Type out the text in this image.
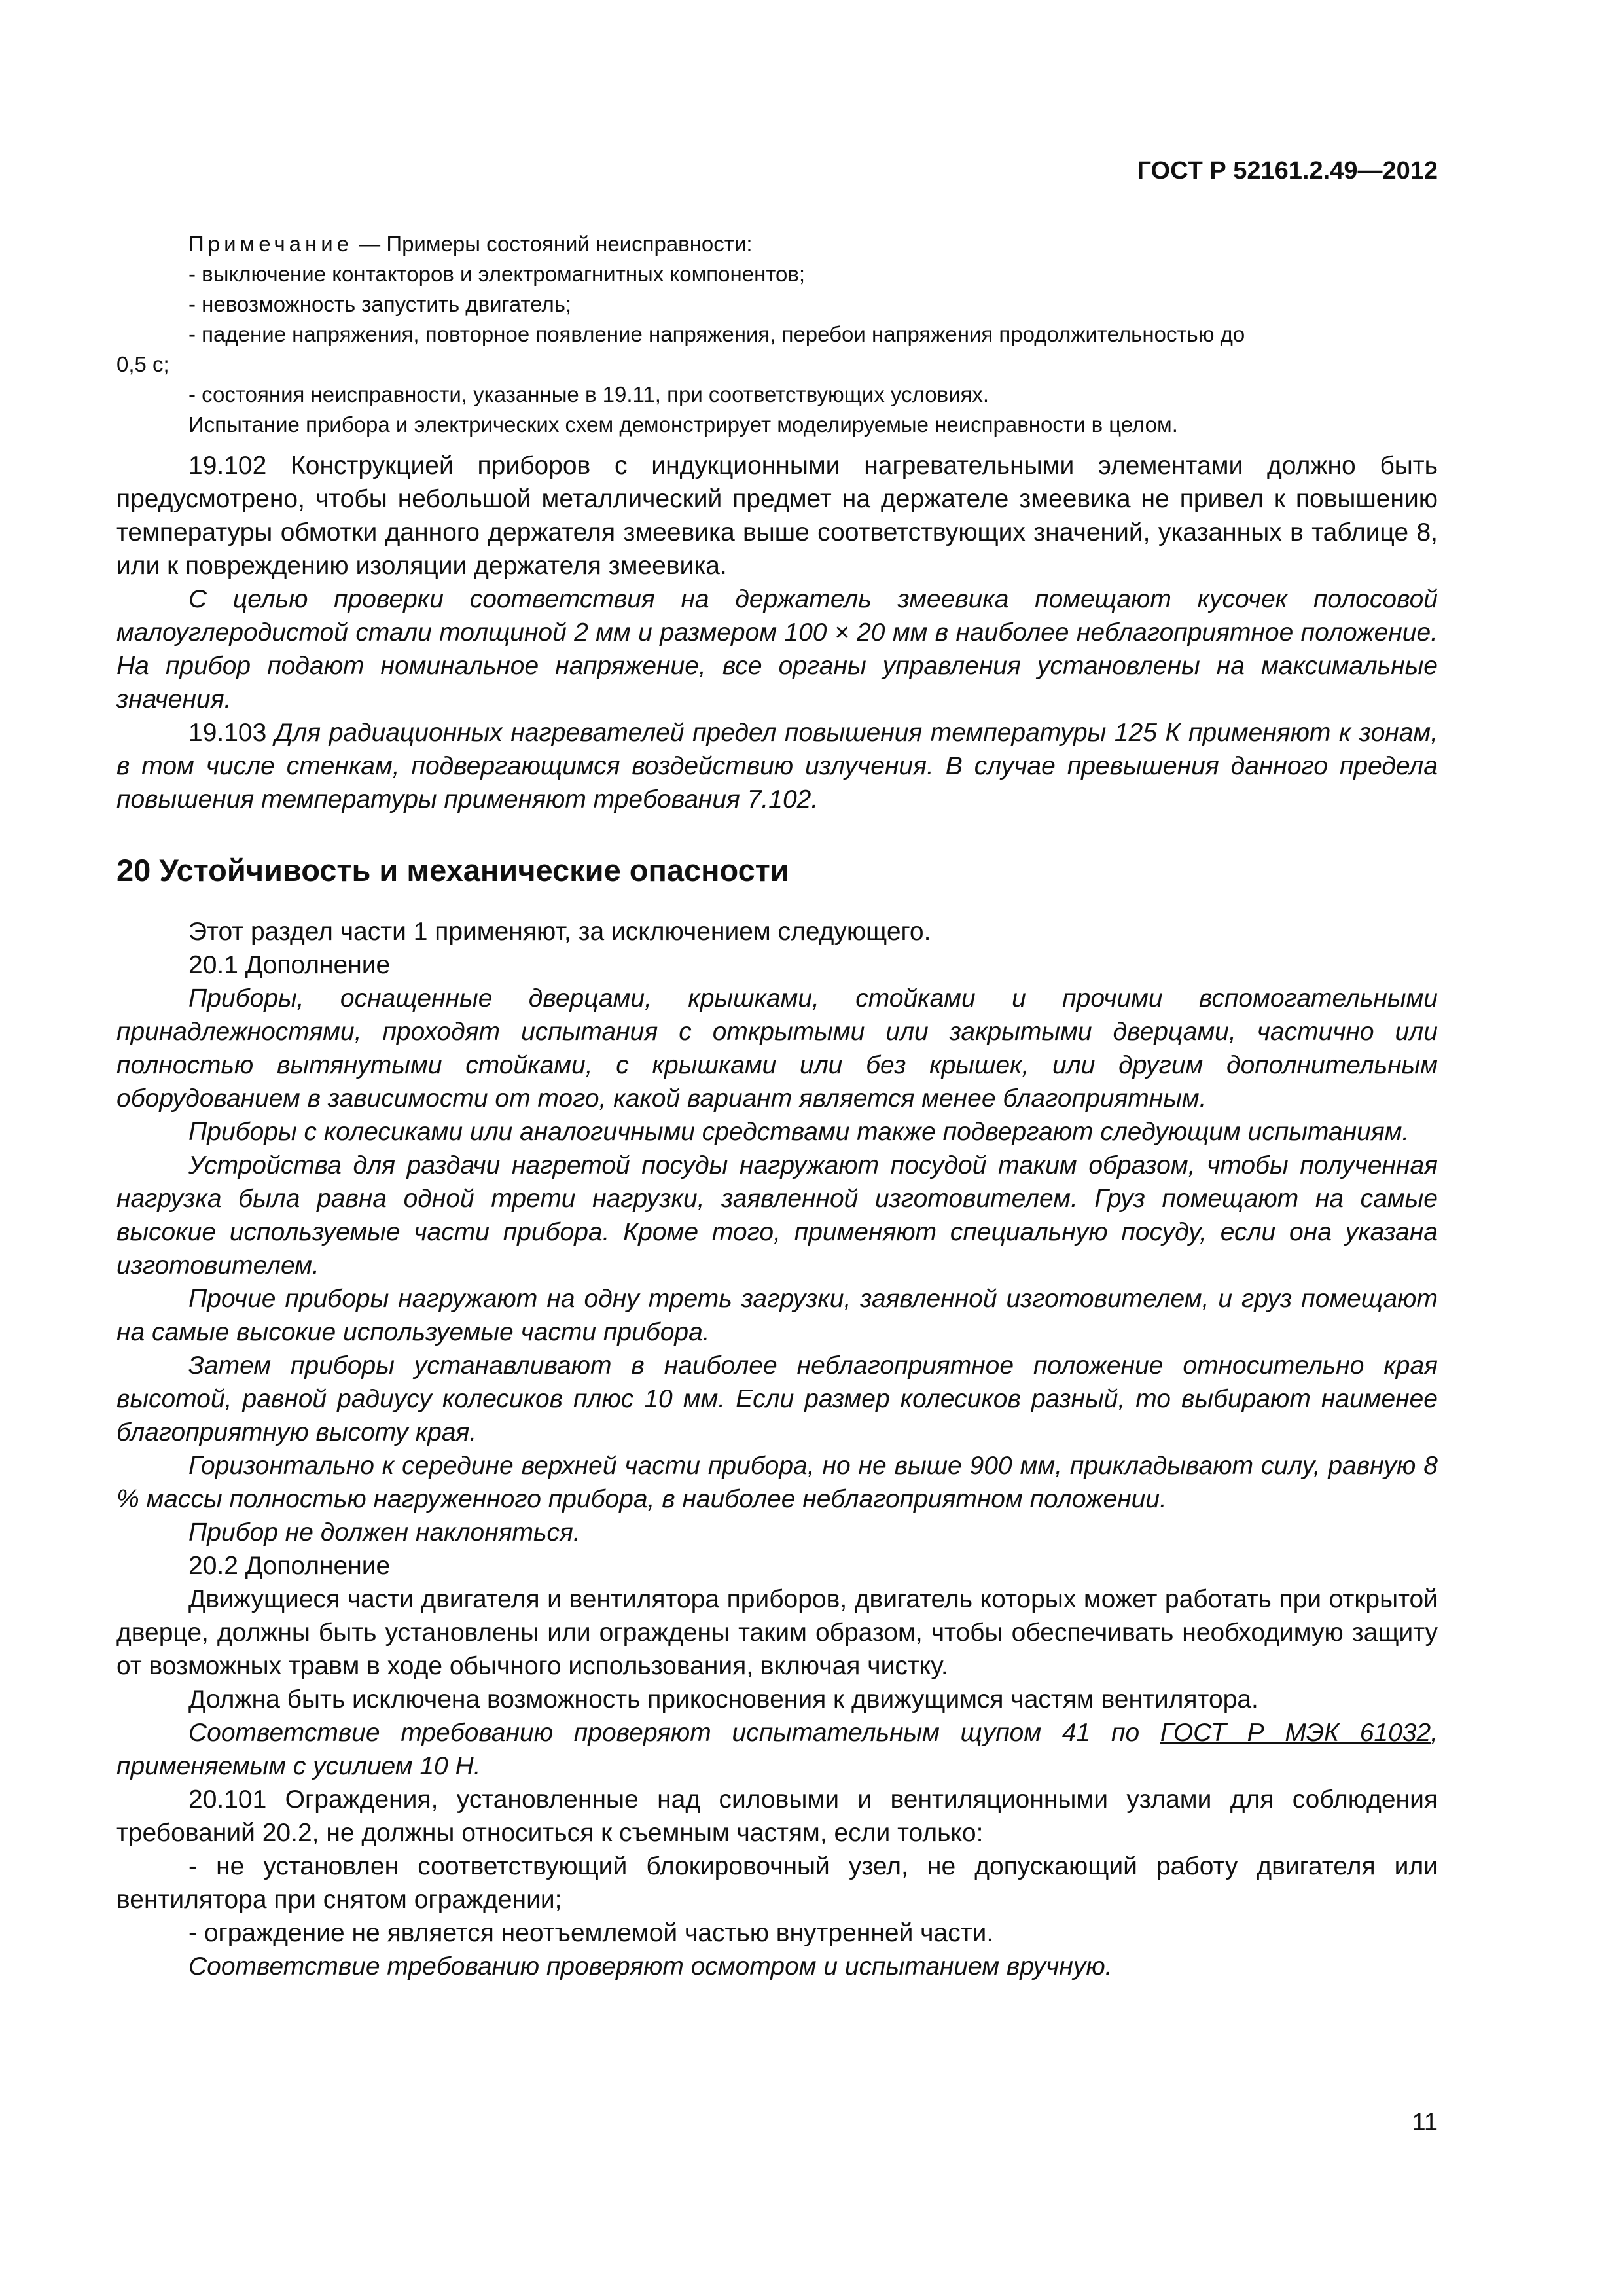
ГОСТ Р 52161.2.49—2012

Примечание — Примеры состояний неисправности:

- выключение контакторов и электромагнитных компонентов;

- невозможность запустить двигатель;

- падение напряжения, повторное появление напряжения, перебои напряжения продолжительностью до

0,5 с;

- состояния неисправности, указанные в 19.11, при соответствующих условиях.

Испытание прибора и электрических схем демонстрирует моделируемые неисправности в целом.

19.102 Конструкцией приборов с индукционными нагревательными элементами должно быть предусмотрено, чтобы небольшой металлический предмет на держателе змеевика не привел к повышению температуры обмотки данного держателя змеевика выше соответствующих значений, указанных в таблице 8, или к повреждению изоляции держателя змеевика.

С целью проверки соответствия на держатель змеевика помещают кусочек полосовой малоуглеродистой стали толщиной 2 мм и размером 100 × 20 мм в наиболее неблагоприятное положение. На прибор подают номинальное напряжение, все органы управления установлены на максимальные значения.

19.103 Для радиационных нагревателей предел повышения температуры 125 К применяют к зонам, в том числе стенкам, подвергающимся воздействию излучения. В случае превышения данного предела повышения температуры применяют требования 7.102.

20 Устойчивость и механические опасности

Этот раздел части 1 применяют, за исключением следующего.

20.1 Дополнение

Приборы, оснащенные дверцами, крышками, стойками и прочими вспомогательными принадлежностями, проходят испытания с открытыми или закрытыми дверцами, частично или полностью вытянутыми стойками, с крышками или без крышек, или другим дополнительным оборудованием в зависимости от того, какой вариант является менее благоприятным.

Приборы с колесиками или аналогичными средствами также подвергают следующим испытаниям.

Устройства для раздачи нагретой посуды нагружают посудой таким образом, чтобы полученная нагрузка была равна одной трети нагрузки, заявленной изготовителем. Груз помещают на самые высокие используемые части прибора. Кроме того, применяют специальную посуду, если она указана изготовителем.

Прочие приборы нагружают на одну треть загрузки, заявленной изготовителем, и груз помещают на самые высокие используемые части прибора.

Затем приборы устанавливают в наиболее неблагоприятное положение относительно края высотой, равной радиусу колесиков плюс 10 мм. Если размер колесиков разный, то выбирают наименее благоприятную высоту края.

Горизонтально к середине верхней части прибора, но не выше 900 мм, прикладывают силу, равную 8 % массы полностью нагруженного прибора, в наиболее неблагоприятном положении.

Прибор не должен наклоняться.

20.2 Дополнение

Движущиеся части двигателя и вентилятора приборов, двигатель которых может работать при открытой дверце, должны быть установлены или ограждены таким образом, чтобы обеспечивать необходимую защиту от возможных травм в ходе обычного использования, включая чистку.

Должна быть исключена возможность прикосновения к движущимся частям вентилятора.

Соответствие требованию проверяют испытательным щупом 41 по ГОСТ Р МЭК 61032, применяемым с усилием 10 Н.

20.101 Ограждения, установленные над силовыми и вентиляционными узлами для соблюдения требований 20.2, не должны относиться к съемным частям, если только:

- не установлен соответствующий блокировочный узел, не допускающий работу двигателя или вентилятора при снятом ограждении;

- ограждение не является неотъемлемой частью внутренней части.

Соответствие требованию проверяют осмотром и испытанием вручную.

11
